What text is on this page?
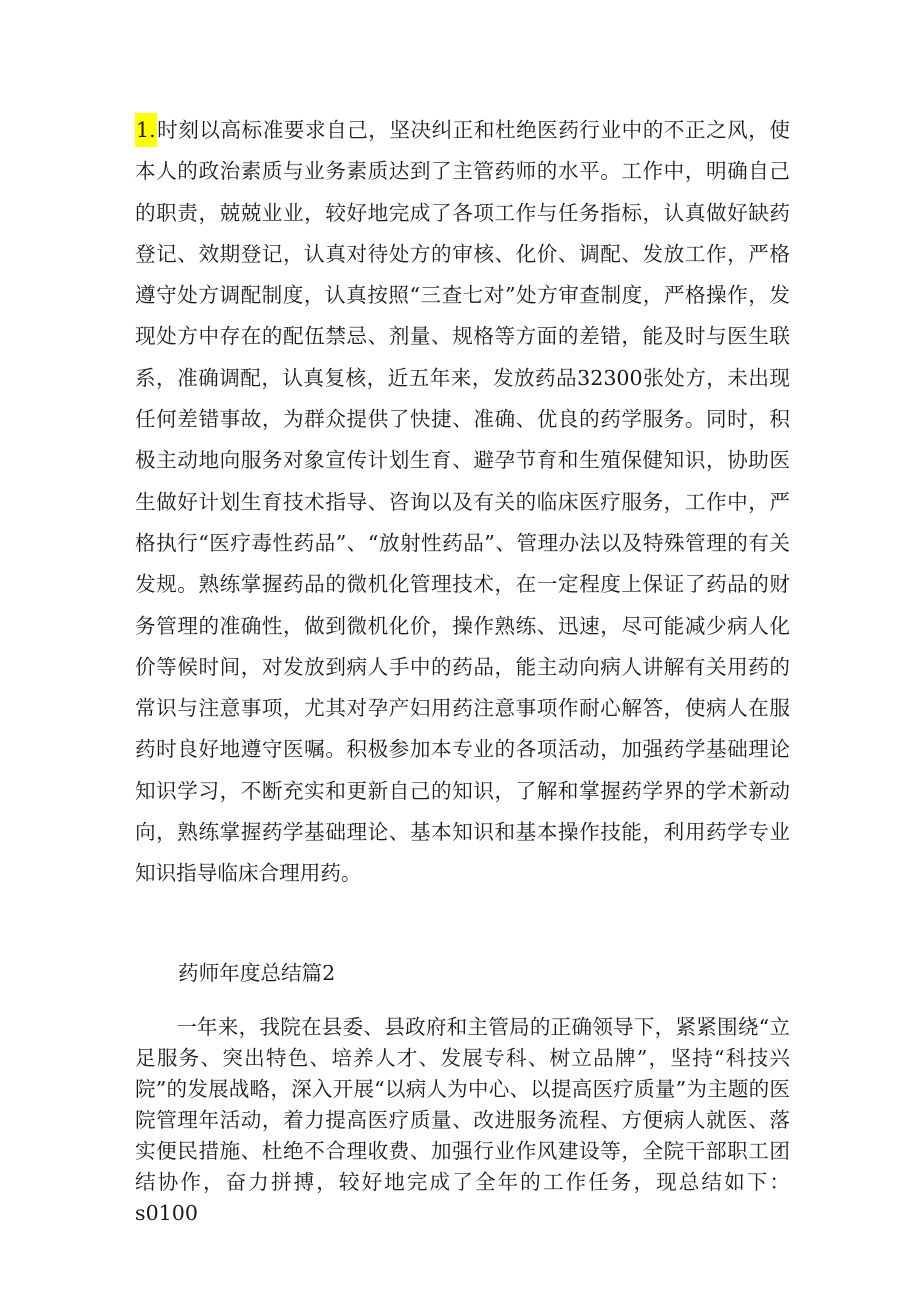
1.时刻以高标准要求自己，坚决纠正和杜绝医药行业中的不正之风，使本人的政治素质与业务素质达到了主管药师的水平。工作中，明确自己的职责，兢兢业业，较好地完成了各项工作与任务指标，认真做好缺药登记、效期登记，认真对待处方的审核、化价、调配、发放工作，严格遵守处方调配制度，认真按照“三查七对”处方审查制度，严格操作，发现处方中存在的配伍禁忌、剂量、规格等方面的差错，能及时与医生联系，准确调配，认真复核，近五年来，发放药品32300张处方，未出现任何差错事故，为群众提供了快捷、准确、优良的药学服务。同时，积极主动地向服务对象宣传计划生育、避孕节育和生殖保健知识，协助医生做好计划生育技术指导、咨询以及有关的临床医疗服务，工作中，严格执行“医疗毒性药品”、“放射性药品”、管理办法以及特殊管理的有关发规。熟练掌握药品的微机化管理技术，在一定程度上保证了药品的财务管理的准确性，做到微机化价，操作熟练、迅速，尽可能减少病人化价等候时间，对发放到病人手中的药品，能主动向病人讲解有关用药的常识与注意事项，尤其对孕产妇用药注意事项作耐心解答，使病人在服药时良好地遵守医嘱。积极参加本专业的各项活动，加强药学基础理论知识学习，不断充实和更新自己的知识，了解和掌握药学界的学术新动向，熟练掌握药学基础理论、基本知识和基本操作技能，利用药学专业知识指导临床合理用药。

药师年度总结篇2

一年来，我院在县委、县政府和主管局的正确领导下，紧紧围绕“立足服务、突出特色、培养人才、发展专科、树立品牌”，坚持“科技兴院”的发展战略，深入开展“以病人为中心、以提高医疗质量”为主题的医院管理年活动，着力提高医疗质量、改进服务流程、方便病人就医、落实便民措施、杜绝不合理收费、加强行业作风建设等，全院干部职工团结协作，奋力拼搏，较好地完成了全年的工作任务，现总结如下：s0100
